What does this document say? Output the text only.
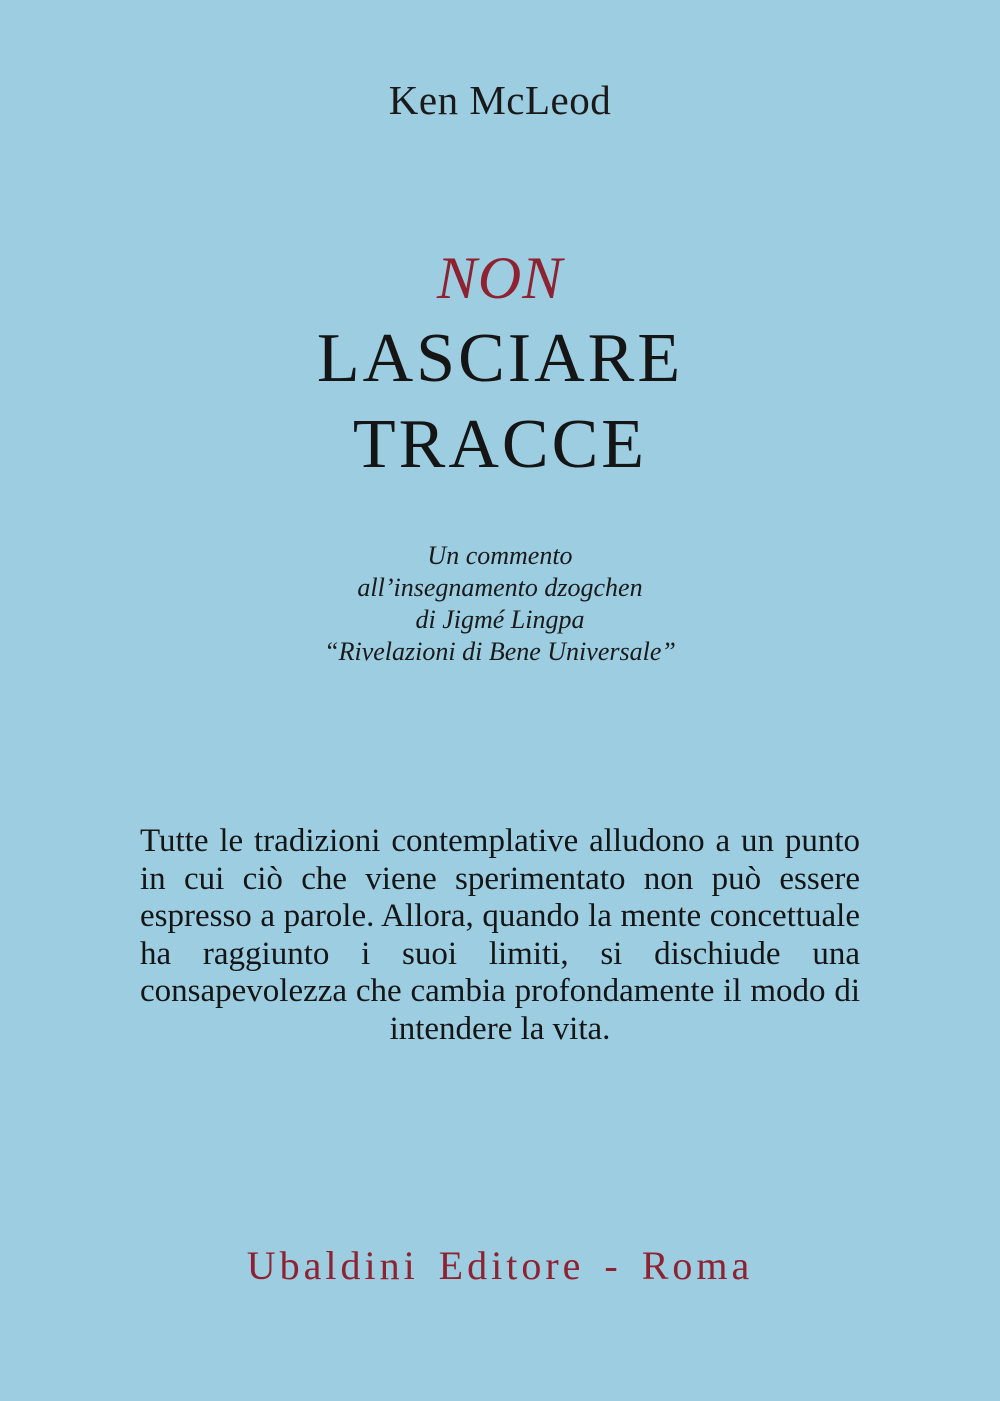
Ken McLeod
NON
LASCIARE
TRACCE
Un commento
all’insegnamento dzogchen
di Jigmé Lingpa
“Rivelazioni di Bene Universale”
Tutte le tradizioni contemplative alludono a un punto in cui ciò che viene sperimentato non può essere espresso a parole. Allora, quando la mente concettuale ha raggiunto i suoi limiti, si dischiude una consapevolezza che cambia profondamente il modo di intendere la vita.
Ubaldini Editore - Roma
